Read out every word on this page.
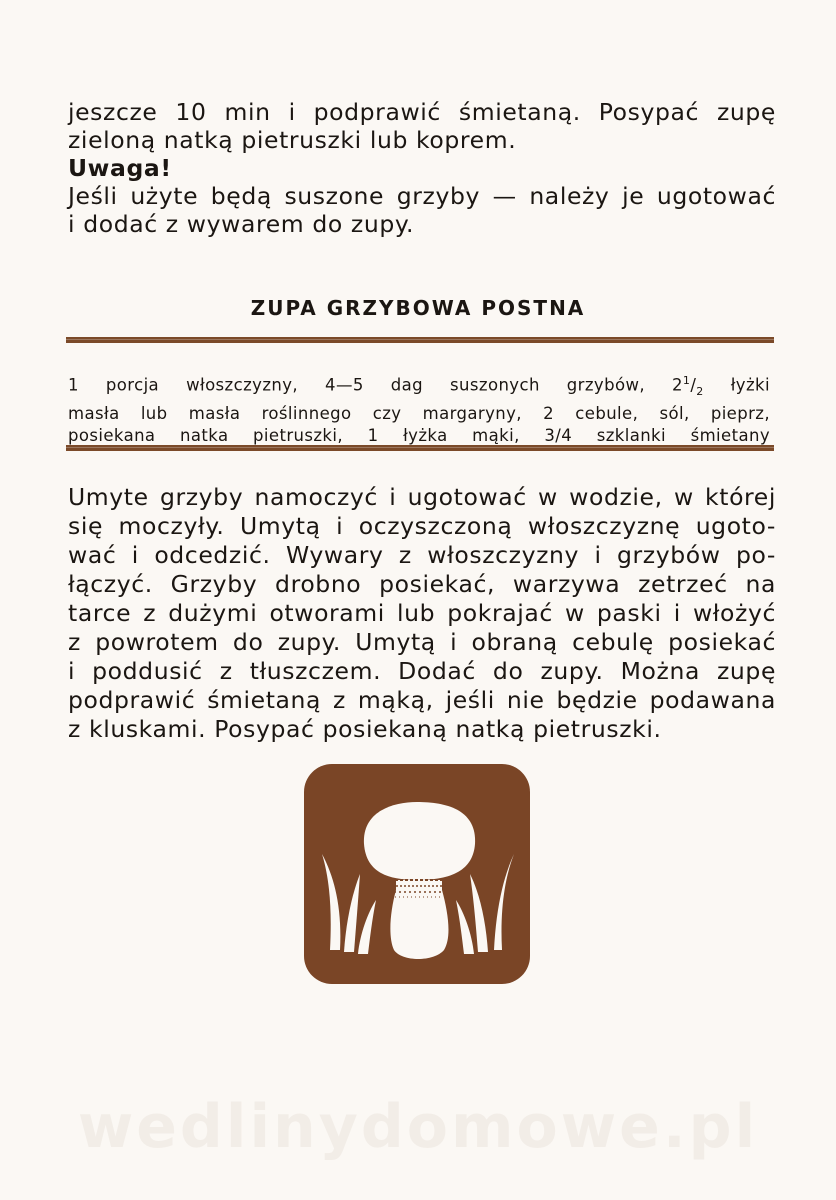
jeszcze 10 min i podprawić śmietaną. Posypać zupę
zieloną natką pietruszki lub koprem.
Uwaga!
Jeśli użyte będą suszone grzyby — należy je ugotować
i dodać z wywarem do zupy.
ZUPA GRZYBOWA POSTNA
1 porcja włoszczyzny, 4—5 dag suszonych grzybów, $2^1/_2$ łyżki
masła lub masła roślinnego czy margaryny, 2 cebule, sól, pieprz,
posiekana natka pietruszki, 1 łyżka mąki, 3/4 szklanki śmietany
Umyte grzyby namoczyć i ugotować w wodzie, w której
się moczyły. Umytą i oczyszczoną włoszczyznę ugoto-
wać i odcedzić. Wywary z włoszczyzny i grzybów po-
łączyć. Grzyby drobno posiekać, warzywa zetrzeć na
tarce z dużymi otworami lub pokrajać w paski i włożyć
z powrotem do zupy. Umytą i obraną cebulę posiekać
i poddusić z tłuszczem. Dodać do zupy. Można zupę
podprawić śmietaną z mąką, jeśli nie będzie podawana
z kluskami. Posypać posiekaną natką pietruszki.
wedlinydomowe.pl
